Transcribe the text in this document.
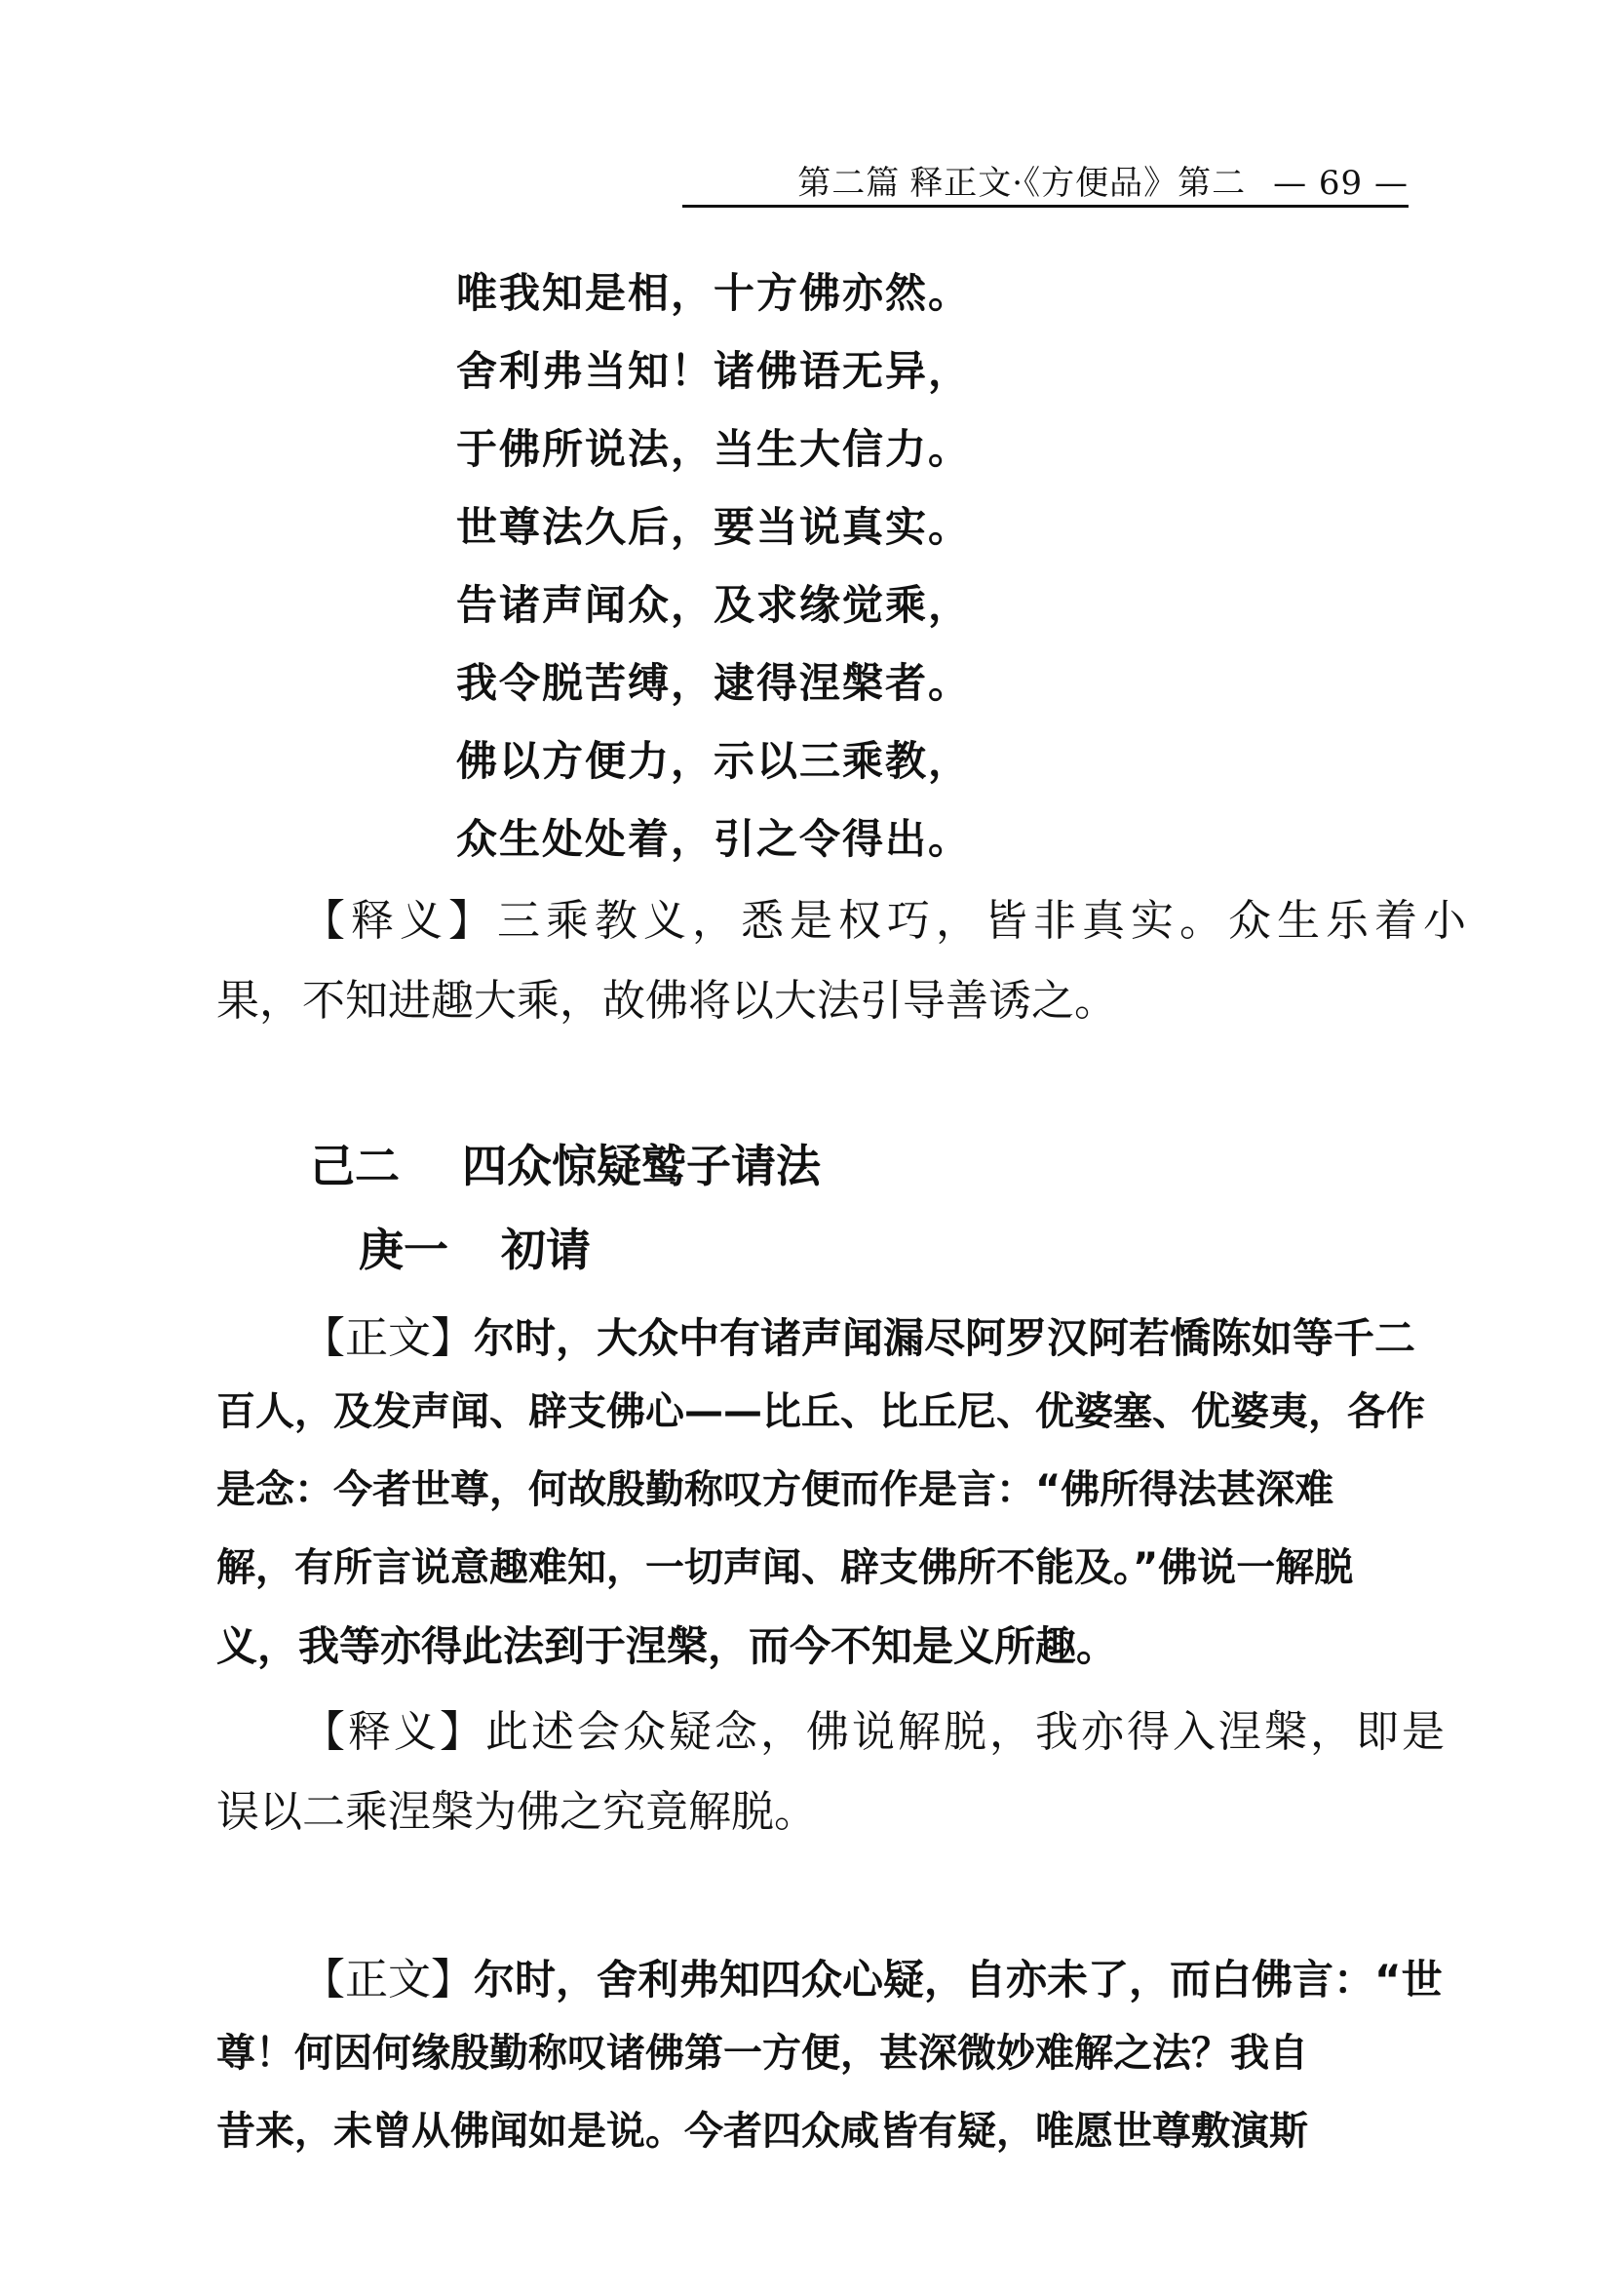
第二篇 释正文·《方便品》第二 — 69 —
唯我知是相，十方佛亦然。
舍利弗当知！诸佛语无异，
于佛所说法，当生大信力。
世尊法久后，要当说真实。
告诸声闻众，及求缘觉乘，
我令脱苦缚，逮得涅槃者。
佛以方便力，示以三乘教，
众生处处着，引之令得出。
【释义】三乘教义，悉是权巧，皆非真实。众生乐着小
果，不知进趣大乘，故佛将以大法引导善诱之。
己二 四众惊疑鹫子请法
庚一 初请
【正文】尔时，大众中有诸声闻漏尽阿罗汉阿若憍陈如等千二
百人，及发声闻、辟支佛心——比丘、比丘尼、优婆塞、优婆夷，各作
是念：今者世尊，何故殷勤称叹方便而作是言：“佛所得法甚深难
解，有所言说意趣难知，一切声闻、辟支佛所不能及。”佛说一解脱
义，我等亦得此法到于涅槃，而今不知是义所趣。
【释义】此述会众疑念，佛说解脱，我亦得入涅槃，即是
误以二乘涅槃为佛之究竟解脱。
【正文】尔时，舍利弗知四众心疑，自亦未了，而白佛言：“世
尊！何因何缘殷勤称叹诸佛第一方便，甚深微妙难解之法？我自
昔来，未曾从佛闻如是说。今者四众咸皆有疑，唯愿世尊敷演斯
